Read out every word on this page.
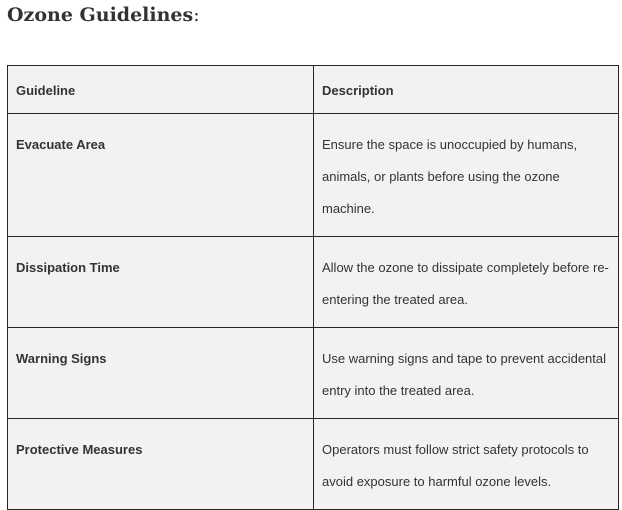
Ozone Guidelines:
Guideline	Description
Evacuate Area	Ensure the space is unoccupied by humans, animals, or plants before using the ozone machine.
Dissipation Time	Allow the ozone to dissipate completely before re-entering the treated area.
Warning Signs	Use warning signs and tape to prevent accidental entry into the treated area.
Protective Measures	Operators must follow strict safety protocols to avoid exposure to harmful ozone levels.
